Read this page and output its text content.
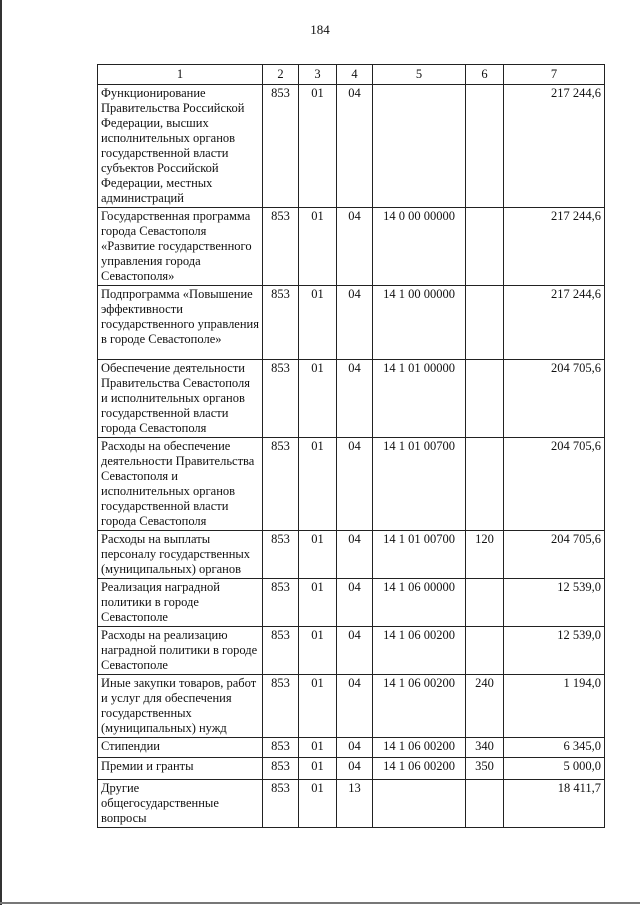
184
1	2	3	4	5	6	7
Функционирование Правительства Российской Федерации, высших исполнительных органов государственной власти субъектов Российской Федерации, местных администраций	853	01	04			217 244,6
Государственная программа города Севастополя «Развитие государственного управления города Севастополя»	853	01	04	14 0 00 00000		217 244,6
Подпрограмма «Повышение эффективности государственного управления в городе Севастополе»	853	01	04	14 1 00 00000		217 244,6
Обеспечение деятельности Правительства Севастополя и исполнительных органов государственной власти города Севастополя	853	01	04	14 1 01 00000		204 705,6
Расходы на обеспечение деятельности Правительства Севастополя и исполнительных органов государственной власти города Севастополя	853	01	04	14 1 01 00700		204 705,6
Расходы на выплаты персоналу государственных (муниципальных) органов	853	01	04	14 1 01 00700	120	204 705,6
Реализация наградной политики в городе Севастополе	853	01	04	14 1 06 00000		12 539,0
Расходы на реализацию наградной политики в городе Севастополе	853	01	04	14 1 06 00200		12 539,0
Иные закупки товаров, работ и услуг для обеспечения государственных (муниципальных) нужд	853	01	04	14 1 06 00200	240	1 194,0
Стипендии	853	01	04	14 1 06 00200	340	6 345,0
Премии и гранты	853	01	04	14 1 06 00200	350	5 000,0
Другие общегосударственные вопросы	853	01	13			18 411,7
